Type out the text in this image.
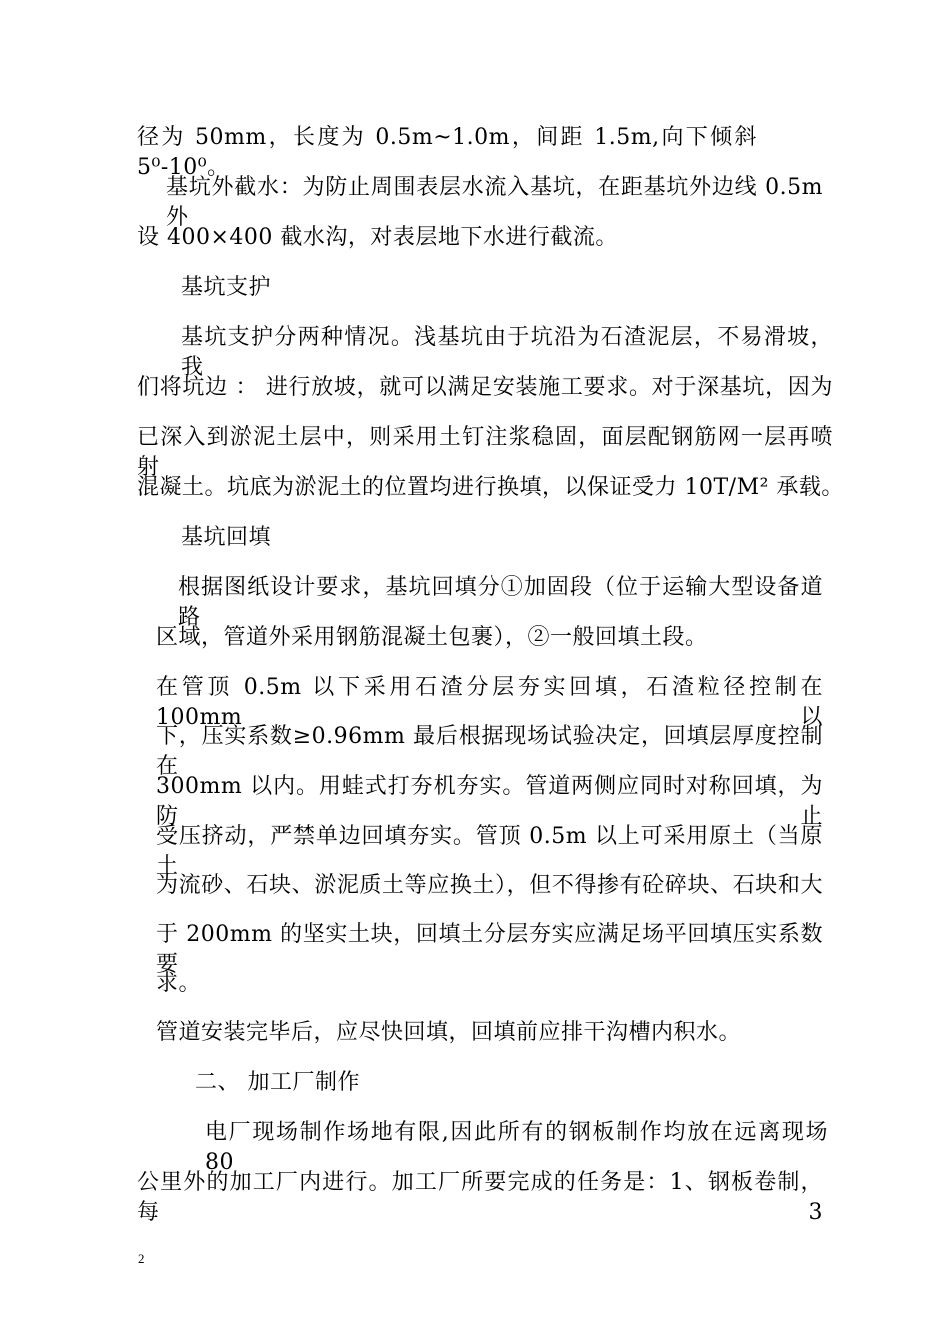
径为 50mm，长度为 0.5m~1.0m，间距 1.5m,向下倾斜 5⁰-10⁰。
基坑外截水：为防止周围表层水流入基坑，在距基坑外边线 0.5m 外
设 400×400 截水沟，对表层地下水进行截流。
基坑支护
基坑支护分两种情况。浅基坑由于坑沿为石渣泥层，不易滑坡，我
们将坑边 ： 进行放坡，就可以满足安装施工要求。对于深基坑，因为
已深入到淤泥土层中，则采用土钉注浆稳固，面层配钢筋网一层再喷射
混凝土。坑底为淤泥土的位置均进行换填，以保证受力 10T/M² 承载。
基坑回填
根据图纸设计要求，基坑回填分①加固段（位于运输大型设备道路
区域，管道外采用钢筋混凝土包裹），②一般回填土段。
在管顶 0.5m 以下采用石渣分层夯实回填，石渣粒径控制在 100mm 以
下，压实系数≥0.96mm 最后根据现场试验决定，回填层厚度控制在
300mm 以内。用蛙式打夯机夯实。管道两侧应同时对称回填，为防止
受压挤动，严禁单边回填夯实。管顶 0.5m 以上可采用原土（当原土
为流砂、石块、淤泥质土等应换土），但不得掺有砼碎块、石块和大
于 200mm 的坚实土块，回填土分层夯实应满足场平回填压实系数要
求。
管道安装完毕后，应尽快回填，回填前应排干沟槽内积水。
二、 加工厂制作
电厂现场制作场地有限,因此所有的钢板制作均放在远离现场 80
公里外的加工厂内进行。加工厂所要完成的任务是：1、钢板卷制，每 3
2
